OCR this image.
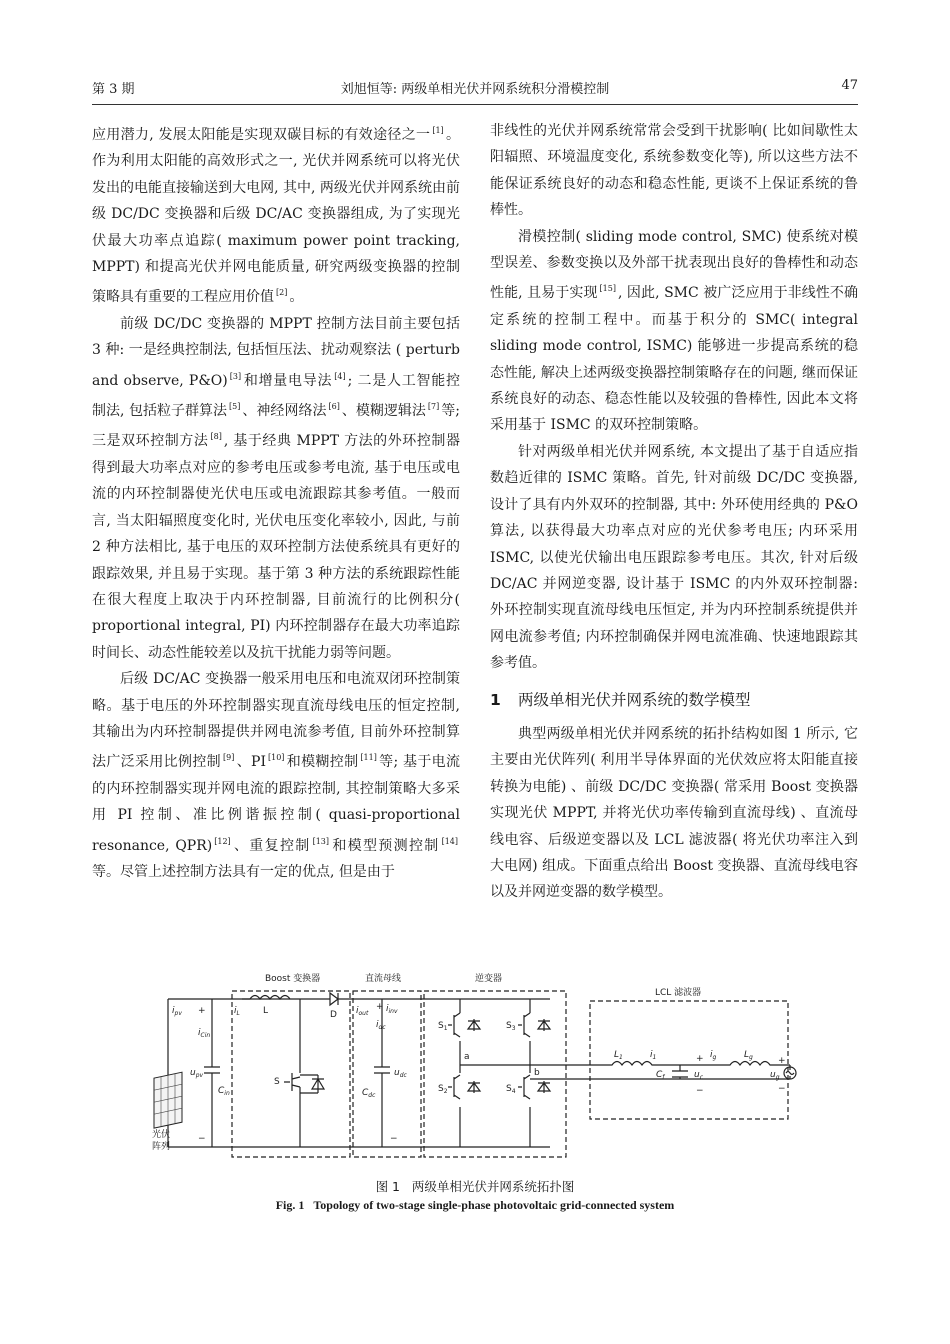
第 3 期	刘旭恒等: 两级单相光伏并网系统积分滑模控制	47

应用潜力, 发展太阳能是实现双碳目标的有效途径之一 [1] 。作为利用太阳能的高效形式之一, 光伏并网系统可以将光伏发出的电能直接输送到大电网, 其中, 两级光伏并网系统由前级 DC/DC 变换器和后级 DC/AC 变换器组成, 为了实现光伏最大功率点追踪( maximum power point tracking, MPPT) 和提高光伏并网电能质量, 研究两级变换器的控制策略具有重要的工程应用价值 [2] 。

前级 DC/DC 变换器的 MPPT 控制方法目前主要包括 3 种: 一是经典控制法, 包括恒压法、扰动观察法 ( perturb and observe, P&O) [3] 和增量电导法 [4] ; 二是人工智能控制法, 包括粒子群算法 [5] 、神经网络法 [6] 、模糊逻辑法 [7] 等; 三是双环控制方法 [8] , 基于经典 MPPT 方法的外环控制器得到最大功率点对应的参考电压或参考电流, 基于电压或电流的内环控制器使光伏电压或电流跟踪其参考值。一般而言, 当太阳辐照度变化时, 光伏电压变化率较小, 因此, 与前 2 种方法相比, 基于电压的双环控制方法使系统具有更好的跟踪效果, 并且易于实现。基于第 3 种方法的系统跟踪性能在很大程度上取决于内环控制器, 目前流行的比例积分( proportional integral, PI) 内环控制器存在最大功率追踪时间长、动态性能较差以及抗干扰能力弱等问题。

后级 DC/AC 变换器一般采用电压和电流双闭环控制策略。基于电压的外环控制器实现直流母线电压的恒定控制, 其输出为内环控制器提供并网电流参考值, 目前外环控制算法广泛采用比例控制 [9] 、PI [10] 和模糊控制 [11] 等; 基于电流的内环控制器实现并网电流的跟踪控制, 其控制策略大多采用 PI 控制、准比例谐振控制( quasi-proportional resonance, QPR) [12] 、重复控制 [13] 和模型预测控制 [14]等。尽管上述控制方法具有一定的优点, 但是由于

非线性的光伏并网系统常常会受到干扰影响( 比如间歇性太阳辐照、环境温度变化, 系统参数变化等), 所以这些方法不能保证系统良好的动态和稳态性能, 更谈不上保证系统的鲁棒性。

滑模控制( sliding mode control, SMC) 使系统对模型误差、参数变换以及外部干扰表现出良好的鲁棒性和动态性能, 且易于实现 [15] , 因此, SMC 被广泛应用于非线性不确定系统的控制工程中。而基于积分的 SMC( integral sliding mode control, ISMC) 能够进一步提高系统的稳态性能, 解决上述两级变换器控制策略存在的问题, 继而保证系统良好的动态、稳态性能以及较强的鲁棒性, 因此本文将采用基于 ISMC 的双环控制策略。

针对两级单相光伏并网系统, 本文提出了基于自适应指数趋近律的 ISMC 策略。首先, 针对前级 DC/DC 变换器, 设计了具有内外双环的控制器, 其中: 外环使用经典的 P&O 算法, 以获得最大功率点对应的光伏参考电压; 内环采用 ISMC, 以使光伏输出电压跟踪参考电压。其次, 针对后级 DC/AC 并网逆变器, 设计基于 ISMC 的内外双环控制器: 外环控制实现直流母线电压恒定, 并为内环控制系统提供并网电流参考值; 内环控制确保并网电流准确、快速地跟踪其参考值。

1 两级单相光伏并网系统的数学模型

典型两级单相光伏并网系统的拓扑结构如图 1 所示, 它主要由光伏阵列( 利用半导体界面的光伏效应将太阳能直接转换为电能) 、前级 DC/DC 变换器( 常采用 Boost 变换器实现光伏 MPPT, 并将光伏功率传输到直流母线) 、直流母线电容、后级逆变器以及 LCL 滤波器( 将光伏功率注入到大电网) 组成。下面重点给出 Boost 变换器、直流母线电容以及并网逆变器的数学模型。

Boost 变换器	直流母线	逆变器
LCL 滤波器
光伏
阵列
$i_{pv}$ +
−
$u_{pv}$
$i_{Cin}$
$C_{in}$
$i_L$	L	D
S
$i_{out}$ $i_{inv}$
$i_{dc}$
$C_{dc}$
$u_{dc}$
+
−
$S_1$
$S_2$
$S_3$
$S_4$
a
b
$L_1$	$i_1$	$i_g$	$L_g$
$C_f$	$u_c$	$u_g$
+
−
+
−
图 1 两级单相光伏并网系统拓扑图
Fig. 1 Topology of two-stage single-phase photovoltaic grid-connected system
